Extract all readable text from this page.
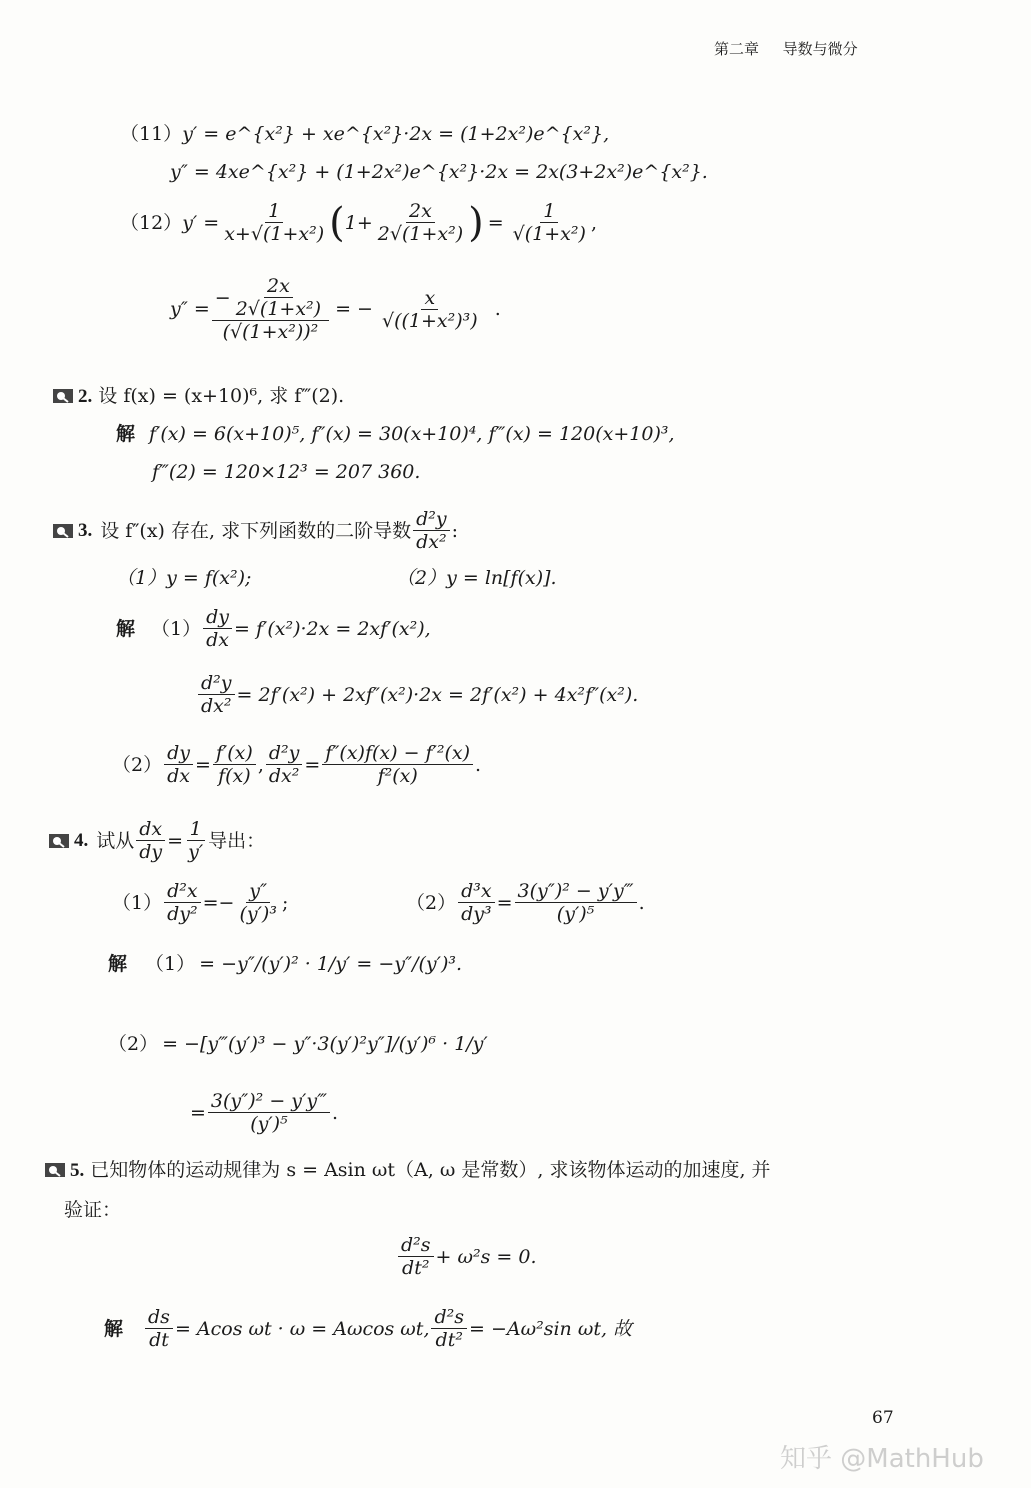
第二章 导数与微分
（11）y′ = e^{x²} + xe^{x²}·2x = (1+2x²)e^{x²},
y″ = 4xe^{x²} + (1+2x²)e^{x²}·2x = 2x(3+2x²)e^{x²}.
（12） $y' = \frac{1}{\text{x+√(1+x²)}}$ ( $1+ \frac{2x}{\text{2√(1+x²)}}$ ) = $\frac{1}{\text{√(1+x²)}}$ ,
$y'' = \frac{- \frac{2x}{\text{2√(1+x²)}}}{\text{(√(1+x²))²}}$ = − $\frac{x}{\text{√((1+x²)³)}}$ .
2. 设 f(x) = (x+10)⁶, 求 f‴(2).
解 f′(x) = 6(x+10)⁵, f″(x) = 30(x+10)⁴, f‴(x) = 120(x+10)³,
f‴(2) = 120×12³ = 207 360.
3. 设 f″(x) 存在, 求下列函数的二阶导数 $\frac{\text{d²y}}{\text{dx²}}$ :
（1）y = f(x²);	（2）y = ln[f(x)].
解 $(1) \frac{dy}{dx} = f'(x^2)\cdot 2x = 2xf'(x^2)$,
$\frac{\text{d²y}}{\text{dx²}} = 2f'(x^2) + 2xf''(x^2)\cdot 2x = 2f'(x^2) + 4x^2f''(x^2)$.
$(2) \frac{dy}{dx} = \frac{f'(x)}{f(x)}$ , $\frac{\text{d²y}}{\text{dx²}} = \frac{\text{f″(x)f(x) − f′²(x)}}{\text{f²(x)}}$ .
4. 试从 $\frac{dx}{dy} = \frac{1}{y'}$ 导出：
$(1) \frac{\text{d²x}}{\text{dy²}} =- \frac{y''}{\text{(y′)³}}$ ;	$(2) \frac{\text{d³x}}{\text{dy³}} = \frac{\text{3(y″)² − y′y‴}}{\text{(y′)⁵}}$ .
解 （1） = −y″/(y′)² · 1/y′ = −y″/(y′)³.
（2） = −[y‴(y′)³ − y″·3(y′)²y″]/(y′)⁶ · 1/y′
= $\frac{\text{3(y″)² − y′y‴}}{\text{(y′)⁵}}$ .
5. 已知物体的运动规律为 s = Asin ωt（A, ω 是常数）, 求该物体运动的加速度, 并
验证：
$\frac{\text{d²s}}{\text{dt²}} + \omega^2s = 0$.
解 $\frac{ds}{dt} = Acos$ ωt · ω = Aωcos ωt, $\frac{\text{d²s}}{\text{dt²}} = -A\omega^2\sin$ ωt, 故
67
知乎 @MathHub
